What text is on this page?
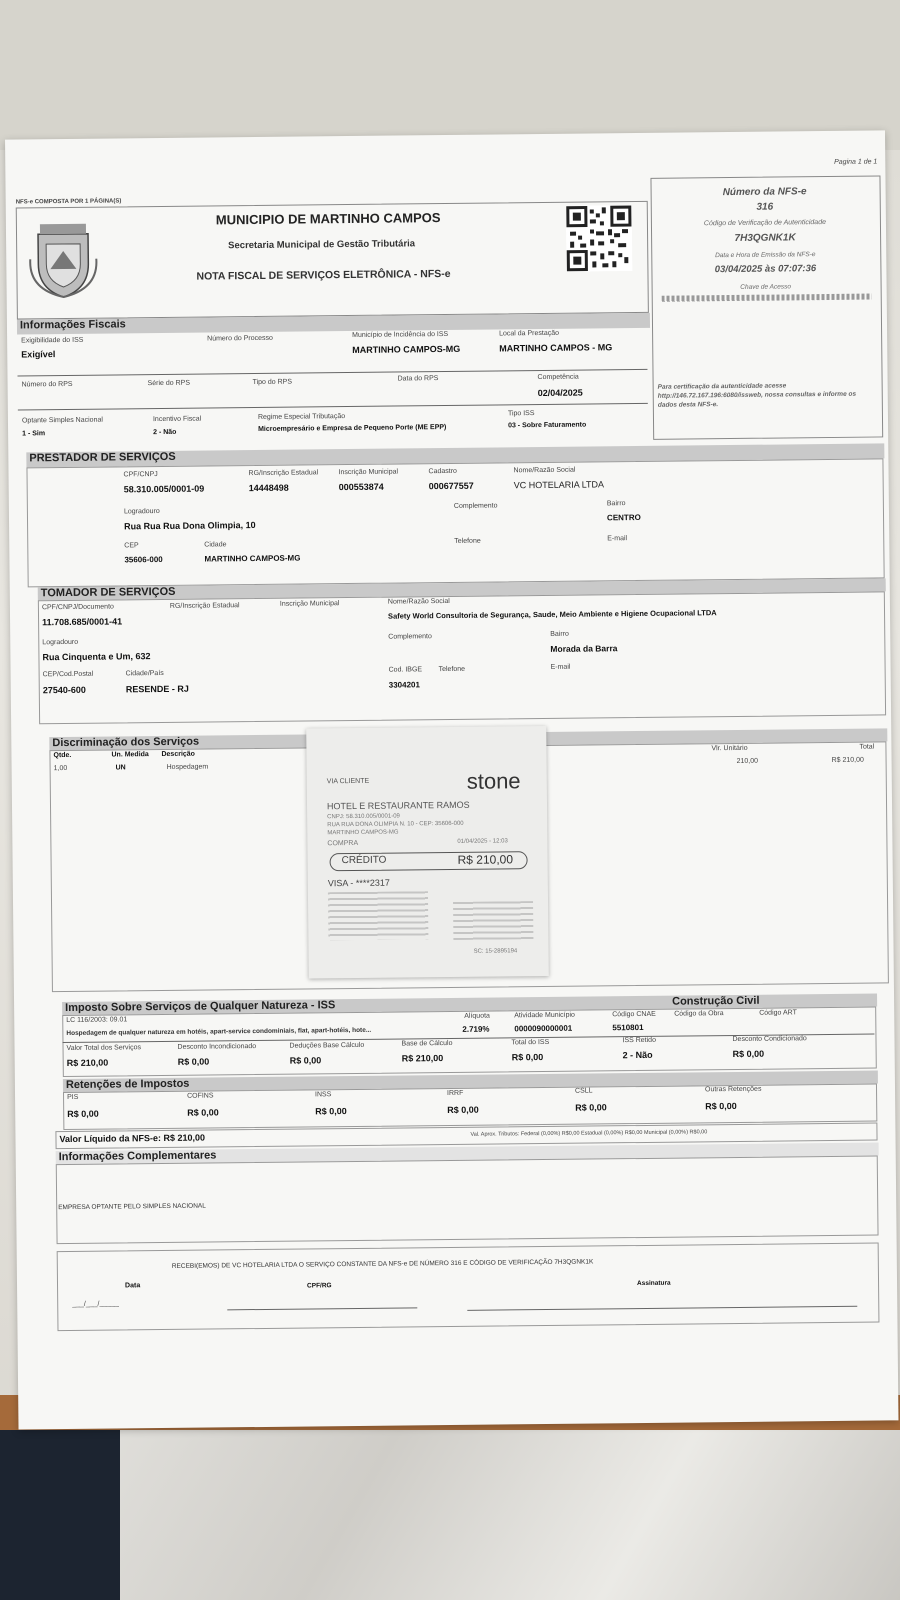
NFS-e COMPOSTA POR 1 PÁGINA(S)
Pagina 1 de 1
MUNICIPIO DE MARTINHO CAMPOS
Secretaria Municipal de Gestão Tributária
NOTA FISCAL DE SERVIÇOS ELETRÔNICA - NFS-e
Número da NFS-e
316
Código de Verificação de Autenticidade
7H3QGNK1K
Data e Hora de Emissão da NFS-e
03/04/2025 às 07:07:36
Chave de Acesso
Para certificação da autenticidade acesse http://146.72.167.196:6080/issweb, nossa consultas e informe os dados desta NFS-e.
Informações Fiscais
Exigibilidade do ISS
Exigível
Número do Processo	Município de Incidência do ISS
MARTINHO CAMPOS-MG
Local da Prestação
MARTINHO CAMPOS - MG
Número do RPS	Série do RPS	Tipo do RPS	Data do RPS	Competência
02/04/2025
Optante Simples Nacional
1 - Sim
Incentivo Fiscal
2 - Não
Regime Especial Tributação
Microempresário e Empresa de Pequeno Porte (ME EPP)
Tipo ISS
03 - Sobre Faturamento
PRESTADOR DE SERVIÇOS
CPF/CNPJ
58.310.005/0001-09
RG/Inscrição Estadual
14448498
Inscrição Municipal
000553874
Cadastro
000677557
Nome/Razão Social
VC HOTELARIA LTDA
Logradouro
Rua Rua Rua Dona Olimpia, 10
Complemento	Bairro
CENTRO
CEP
35606-000
Cidade
MARTINHO CAMPOS-MG
Telefone	E-mail
TOMADOR DE SERVIÇOS
CPF/CNPJ/Documento
11.708.685/0001-41
RG/Inscrição Estadual	Inscrição Municipal	Nome/Razão Social
Safety World Consultoria de Segurança, Saude, Meio Ambiente e Higiene Ocupacional LTDA
Logradouro
Rua Cinquenta e Um, 632
Complemento	Bairro
Morada da Barra
CEP/Cod.Postal
27540-600
Cidade/País
RESENDE - RJ
Cod. IBGE
3304201
Telefone	E-mail
Discriminação dos Serviços
Qtde.	Un. Medida Descrição
Vlr. Unitário	Total
1,00	UN	Hospedagem
210,00	R$ 210,00
VIA CLIENTE	stone
HOTEL E RESTAURANTE RAMOS
CNPJ: 58.310.005/0001-09
RUA RUA DONA OLIMPIA N. 10 - CEP: 35606-000
MARTINHO CAMPOS-MG
COMPRA	01/04/2025 - 12:03
CRÉDITO	R$ 210,00
VISA - ****2317
SC: 15-2895194
Imposto Sobre Serviços de Qualquer Natureza - ISS	Construção Civil
LC 116/2003: 09.01
Alíquota
2.719%
Atividade Município
0000090000001
Código CNAE
5510801
Código da Obra	Código ART
Hospedagem de qualquer natureza em hotéis, apart-service condominiais, flat, apart-hotéis, hote...
Valor Total dos Serviços
R$ 210,00
Desconto Incondicionado
R$ 0,00
Deduções Base Cálculo
R$ 0,00
Base de Cálculo
R$ 210,00
Total do ISS
R$ 0,00
ISS Retido
2 - Não
Desconto Condicionado
R$ 0,00
Retenções de Impostos
PIS
R$ 0,00
COFINS
R$ 0,00
INSS
R$ 0,00
IRRF
R$ 0,00
CSLL
R$ 0,00
Outras Retenções
R$ 0,00
Valor Líquido da NFS-e: R$ 210,00	Val. Aprox. Tributos: Federal (0,00%) R$0,00 Estadual (0,00%) R$0,00 Municipal (0,00%) R$0,00
Informações Complementares
EMPRESA OPTANTE PELO SIMPLES NACIONAL
RECEBI(EMOS) DE VC HOTELARIA LTDA O SERVIÇO CONSTANTE DA NFS-e DE NÚMERO 316 E CÓDIGO DE VERIFICAÇÃO 7H3QGNK1K
Data
___/___/_____
CPF/RG	Assinatura
